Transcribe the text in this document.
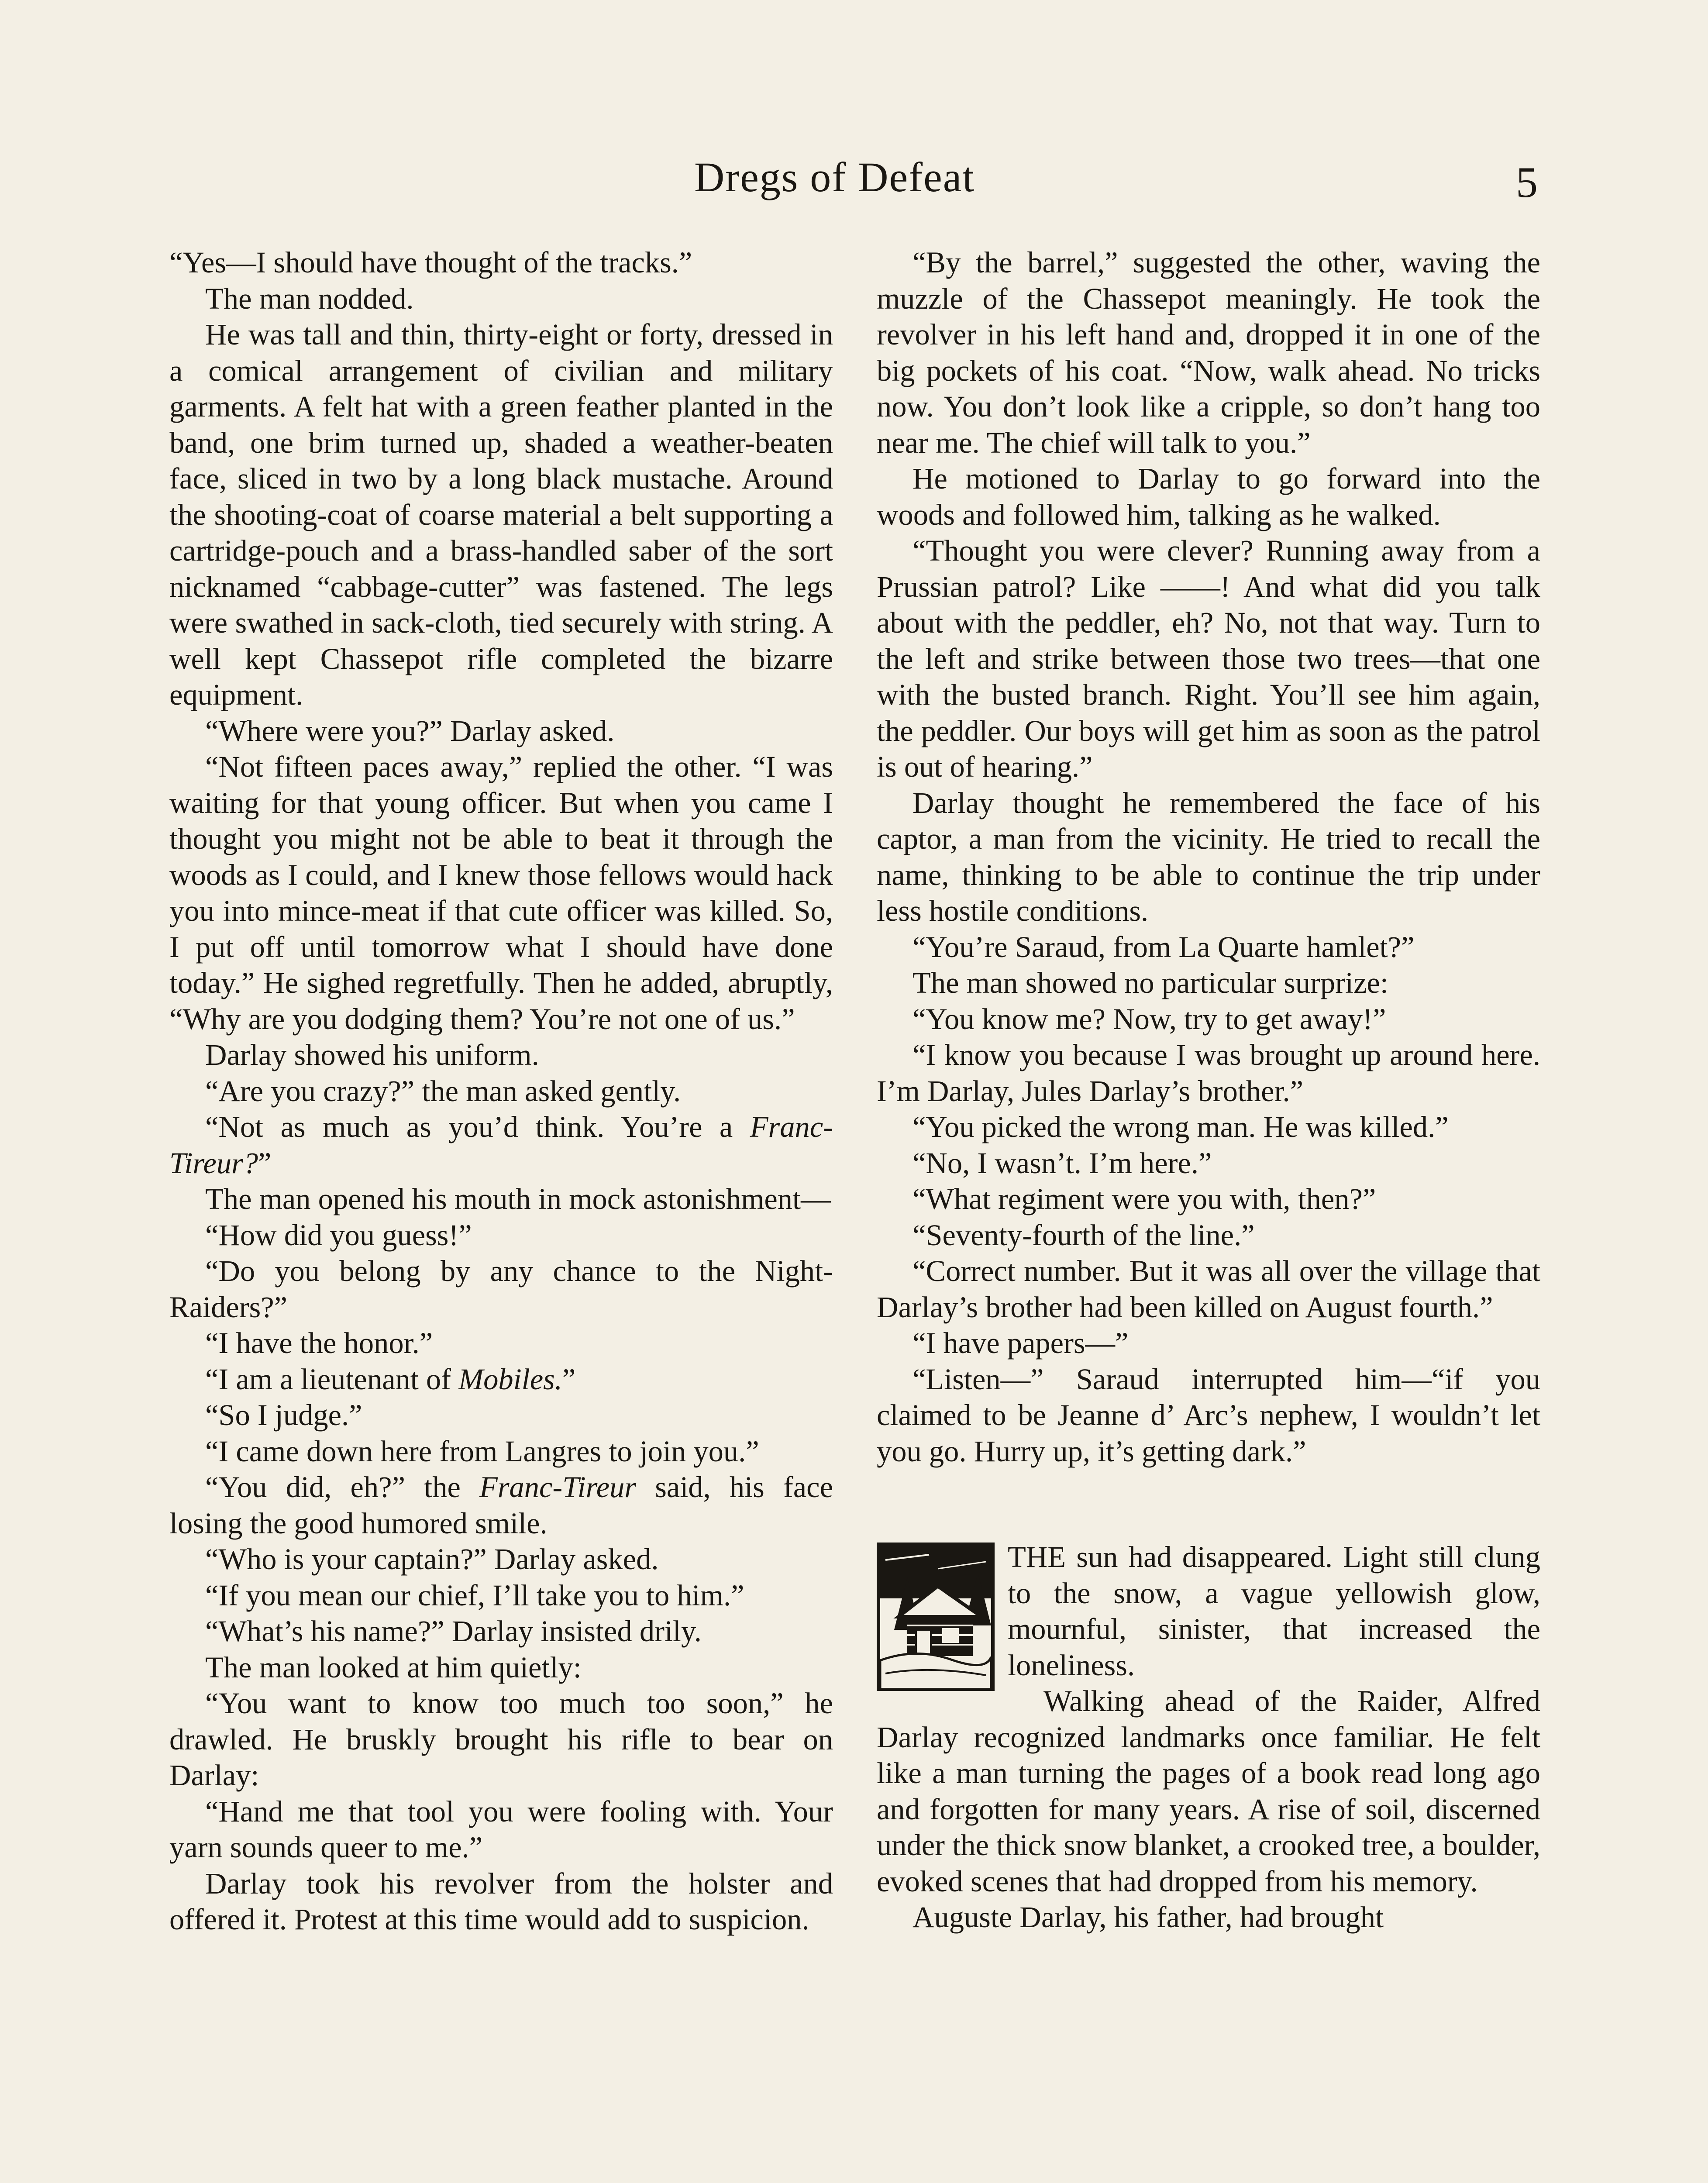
Dregs of Defeat	5

“Yes—I should have thought of the tracks.”

The man nodded.

He was tall and thin, thirty-eight or forty, dressed in a comical arrangement of civilian and military garments. A felt hat with a green feather planted in the band, one brim turned up, shaded a weather-beaten face, sliced in two by a long black mustache. Around the shooting-coat of coarse material a belt supporting a cartridge-pouch and a brass-handled saber of the sort nicknamed “cabbage-cutter” was fastened. The legs were swathed in sack-cloth, tied securely with string. A well kept Chassepot rifle completed the bizarre equipment.

“Where were you?” Darlay asked.

“Not fifteen paces away,” replied the other. “I was waiting for that young officer. But when you came I thought you might not be able to beat it through the woods as I could, and I knew those fellows would hack you into mince-meat if that cute officer was killed. So, I put off until tomorrow what I should have done today.” He sighed regretfully. Then he added, abruptly, “Why are you dodging them? You’re not one of us.”

Darlay showed his uniform.

“Are you crazy?” the man asked gently.

“Not as much as you’d think. You’re a Franc-Tireur?”

The man opened his mouth in mock astonishment—

“How did you guess!”

“Do you belong by any chance to the Night-Raiders?”

“I have the honor.”

“I am a lieutenant of Mobiles.”

“So I judge.”

“I came down here from Langres to join you.”

“You did, eh?” the Franc-Tireur said, his face losing the good humored smile.

“Who is your captain?” Darlay asked.

“If you mean our chief, I’ll take you to him.”

“What’s his name?” Darlay insisted drily.

The man looked at him quietly:

“You want to know too much too soon,” he drawled. He bruskly brought his rifle to bear on Darlay:

“Hand me that tool you were fooling with. Your yarn sounds queer to me.”

Darlay took his revolver from the holster and offered it. Protest at this time would add to suspicion.

“By the barrel,” suggested the other, waving the muzzle of the Chassepot meaningly. He took the revolver in his left hand and, dropped it in one of the big pockets of his coat. “Now, walk ahead. No tricks now. You don’t look like a cripple, so don’t hang too near me. The chief will talk to you.”

He motioned to Darlay to go forward into the woods and followed him, talking as he walked.

“Thought you were clever? Running away from a Prussian patrol? Like ——! And what did you talk about with the peddler, eh? No, not that way. Turn to the left and strike between those two trees—that one with the busted branch. Right. You’ll see him again, the peddler. Our boys will get him as soon as the patrol is out of hearing.”

Darlay thought he remembered the face of his captor, a man from the vicinity. He tried to recall the name, thinking to be able to continue the trip under less hostile conditions.

“You’re Saraud, from La Quarte hamlet?”

The man showed no particular surprize:

“You know me? Now, try to get away!”

“I know you because I was brought up around here. I’m Darlay, Jules Darlay’s brother.”

“You picked the wrong man. He was killed.”

“No, I wasn’t. I’m here.”

“What regiment were you with, then?”

“Seventy-fourth of the line.”

“Correct number. But it was all over the village that Darlay’s brother had been killed on August fourth.”

“I have papers—”

“Listen—” Saraud interrupted him—“if you claimed to be Jeanne d’ Arc’s nephew, I wouldn’t let you go. Hurry up, it’s getting dark.”

THE sun had disappeared. Light still clung to the snow, a vague yellowish glow, mournful, sinister, that increased the loneliness.

Walking ahead of the Raider, Alfred Darlay recognized landmarks once familiar. He felt like a man turning the pages of a book read long ago and forgotten for many years. A rise of soil, discerned under the thick snow blanket, a crooked tree, a boulder, evoked scenes that had dropped from his memory.

Auguste Darlay, his father, had brought
